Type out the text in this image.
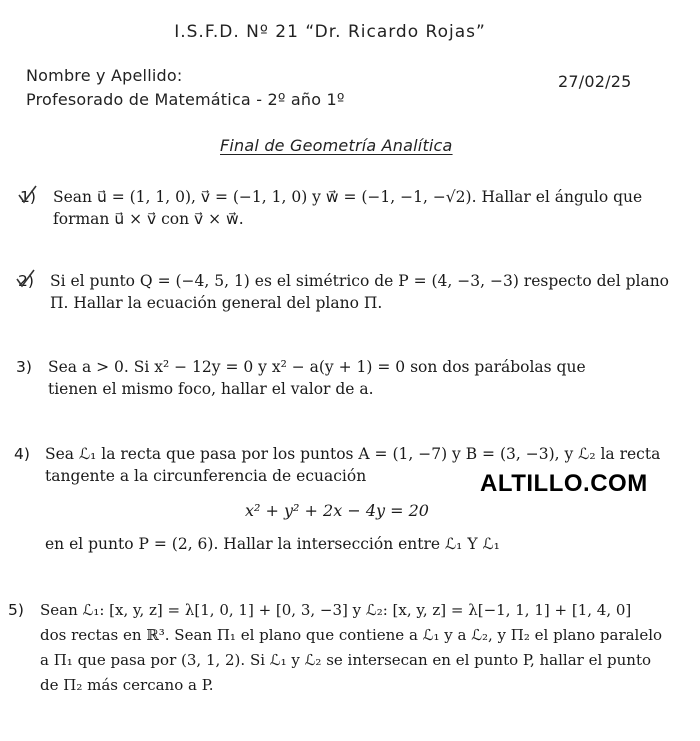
I.S.F.D. Nº 21 “Dr. Ricardo Rojas”
Nombre y Apellido:
Profesorado de Matemática - 2º año 1º
27/02/25
Final de Geometría Analítica
1) Sean u⃗ = (1, 1, 0), v⃗ = (−1, 1, 0) y w⃗ = (−1, −1, −√2). Hallar el ángulo que
forman u⃗ × v⃗ con v⃗ × w⃗.
2) Si el punto Q = (−4, 5, 1) es el simétrico de P = (4, −3, −3) respecto del plano
Π. Hallar la ecuación general del plano Π.
3) Sea a > 0. Si x² − 12y = 0 y x² − a(y + 1) = 0 son dos parábolas que
tienen el mismo foco, hallar el valor de a.
4) Sea ℒ₁ la recta que pasa por los puntos A = (1, −7) y B = (3, −3), y ℒ₂ la recta
tangente a la circunferencia de ecuación
x² + y² + 2x − 4y = 20
en el punto P = (2, 6). Hallar la intersección entre ℒ₁ Y ℒ₁
ALTILLO.COM
5) Sean ℒ₁: [x, y, z] = λ[1, 0, 1] + [0, 3, −3] y ℒ₂: [x, y, z] = λ[−1, 1, 1] + [1, 4, 0]
dos rectas en ℝ³. Sean Π₁ el plano que contiene a ℒ₁ y a ℒ₂, y Π₂ el plano paralelo
a Π₁ que pasa por (3, 1, 2). Si ℒ₁ y ℒ₂ se intersecan en el punto P, hallar el punto
de Π₂ más cercano a P.
